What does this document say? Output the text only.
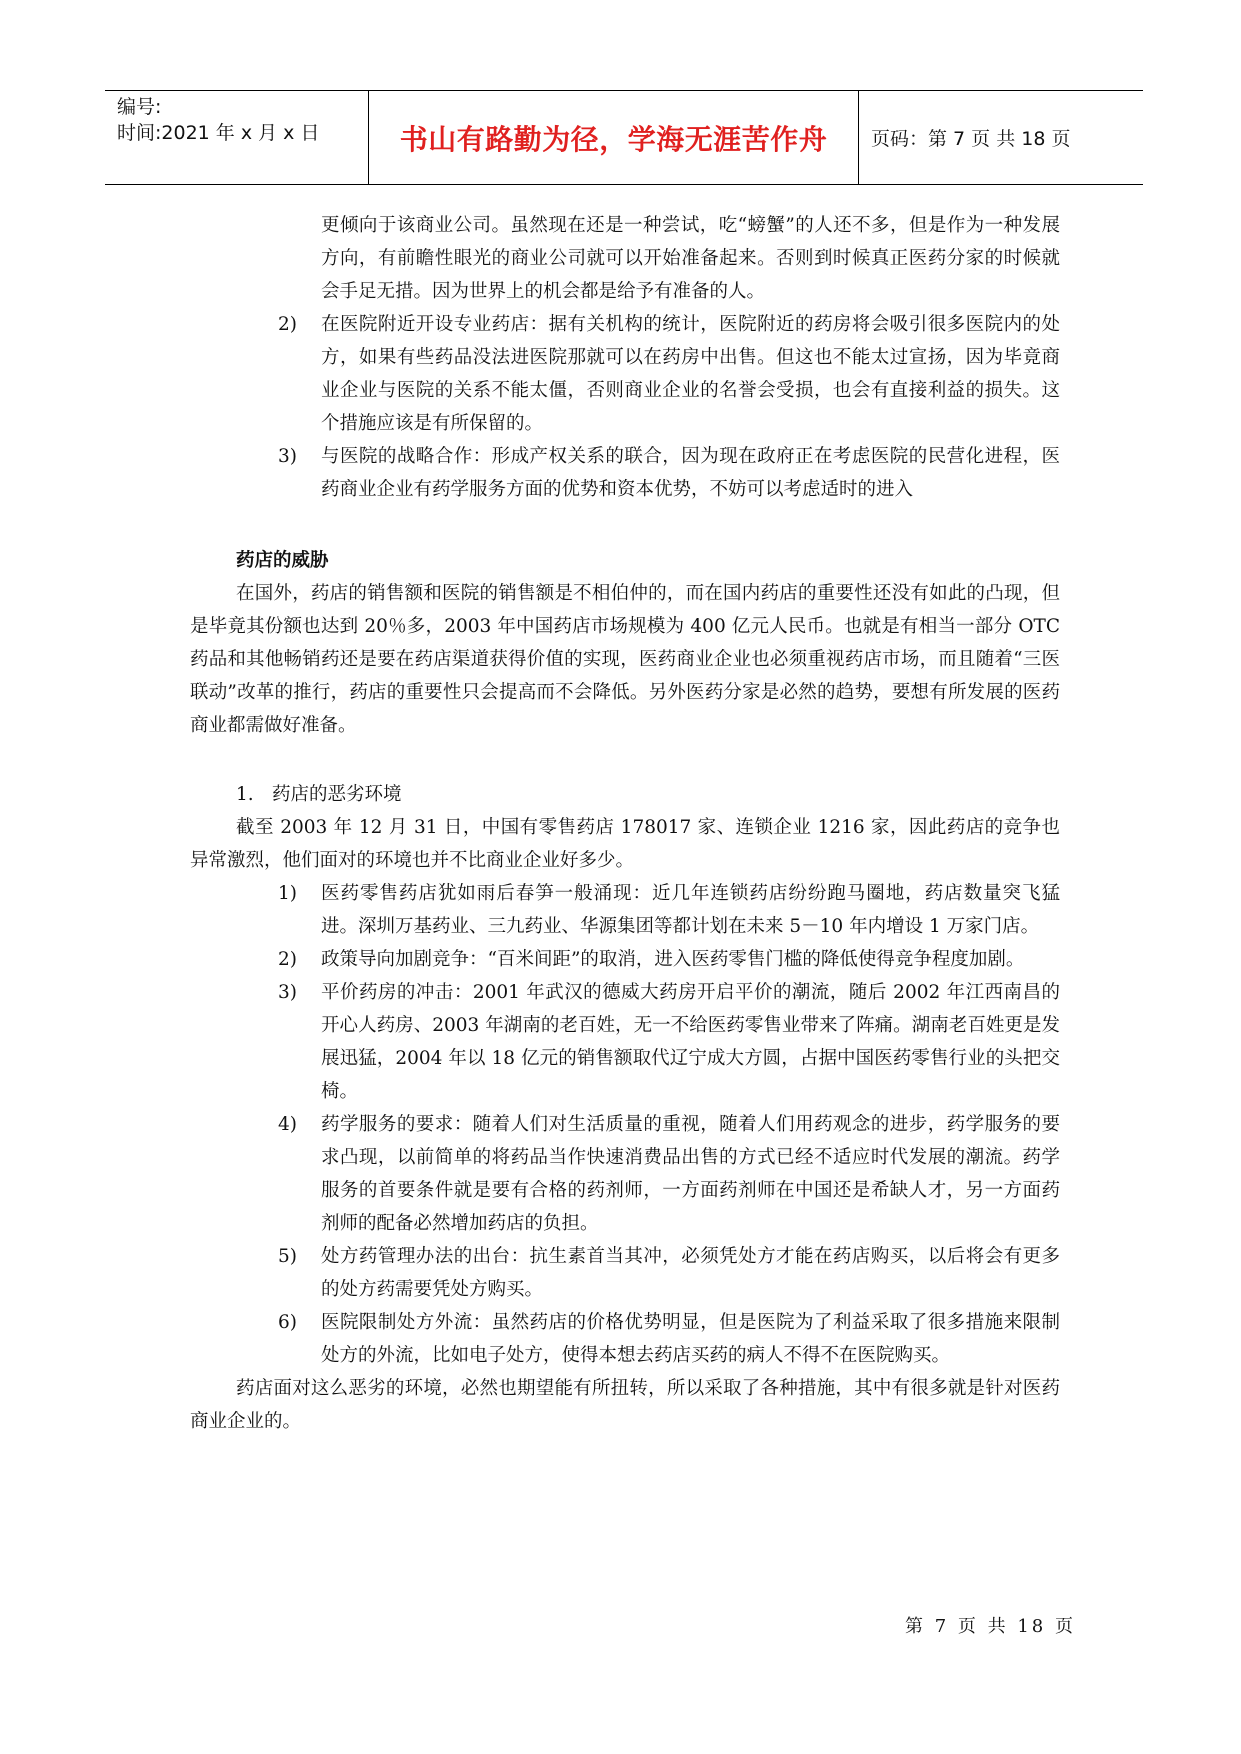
编号:
时间:2021 年 x 月 x 日	书山有路勤为径，学海无涯苦作舟	页码：第 7 页 共 18 页

更倾向于该商业公司。虽然现在还是一种尝试，吃“螃蟹”的人还不多，但是作为一种发展方向，有前瞻性眼光的商业公司就可以开始准备起来。否则到时候真正医药分家的时候就会手足无措。因为世界上的机会都是给予有准备的人。

2) 在医院附近开设专业药店：据有关机构的统计，医院附近的药房将会吸引很多医院内的处方，如果有些药品没法进医院那就可以在药房中出售。但这也不能太过宣扬，因为毕竟商业企业与医院的关系不能太僵，否则商业企业的名誉会受损，也会有直接利益的损失。这个措施应该是有所保留的。
3) 与医院的战略合作：形成产权关系的联合，因为现在政府正在考虑医院的民营化进程，医药商业企业有药学服务方面的优势和资本优势，不妨可以考虑适时的进入
药店的威胁

在国外，药店的销售额和医院的销售额是不相伯仲的，而在国内药店的重要性还没有如此的凸现，但是毕竟其份额也达到 20％多，2003 年中国药店市场规模为 400 亿元人民币。也就是有相当一部分 OTC 药品和其他畅销药还是要在药店渠道获得价值的实现，医药商业企业也必须重视药店市场，而且随着“三医联动”改革的推行，药店的重要性只会提高而不会降低。另外医药分家是必然的趋势，要想有所发展的医药商业都需做好准备。

1. 药店的恶劣环境

截至 2003 年 12 月 31 日，中国有零售药店 178017 家、连锁企业 1216 家，因此药店的竞争也异常激烈，他们面对的环境也并不比商业企业好多少。

1) 医药零售药店犹如雨后春笋一般涌现：近几年连锁药店纷纷跑马圈地，药店数量突飞猛进。深圳万基药业、三九药业、华源集团等都计划在未来 5－10 年内增设 1 万家门店。
2) 政策导向加剧竞争：“百米间距”的取消，进入医药零售门槛的降低使得竞争程度加剧。
3) 平价药房的冲击：2001 年武汉的德威大药房开启平价的潮流，随后 2002 年江西南昌的开心人药房、2003 年湖南的老百姓，无一不给医药零售业带来了阵痛。湖南老百姓更是发展迅猛，2004 年以 18 亿元的销售额取代辽宁成大方圆，占据中国医药零售行业的头把交椅。
4) 药学服务的要求：随着人们对生活质量的重视，随着人们用药观念的进步，药学服务的要求凸现，以前简单的将药品当作快速消费品出售的方式已经不适应时代发展的潮流。药学服务的首要条件就是要有合格的药剂师，一方面药剂师在中国还是希缺人才，另一方面药剂师的配备必然增加药店的负担。
5) 处方药管理办法的出台：抗生素首当其冲，必须凭处方才能在药店购买，以后将会有更多的处方药需要凭处方购买。
6) 医院限制处方外流：虽然药店的价格优势明显，但是医院为了利益采取了很多措施来限制处方的外流，比如电子处方，使得本想去药店买药的病人不得不在医院购买。

药店面对这么恶劣的环境，必然也期望能有所扭转，所以采取了各种措施，其中有很多就是针对医药商业企业的。

第 7 页 共 18 页
